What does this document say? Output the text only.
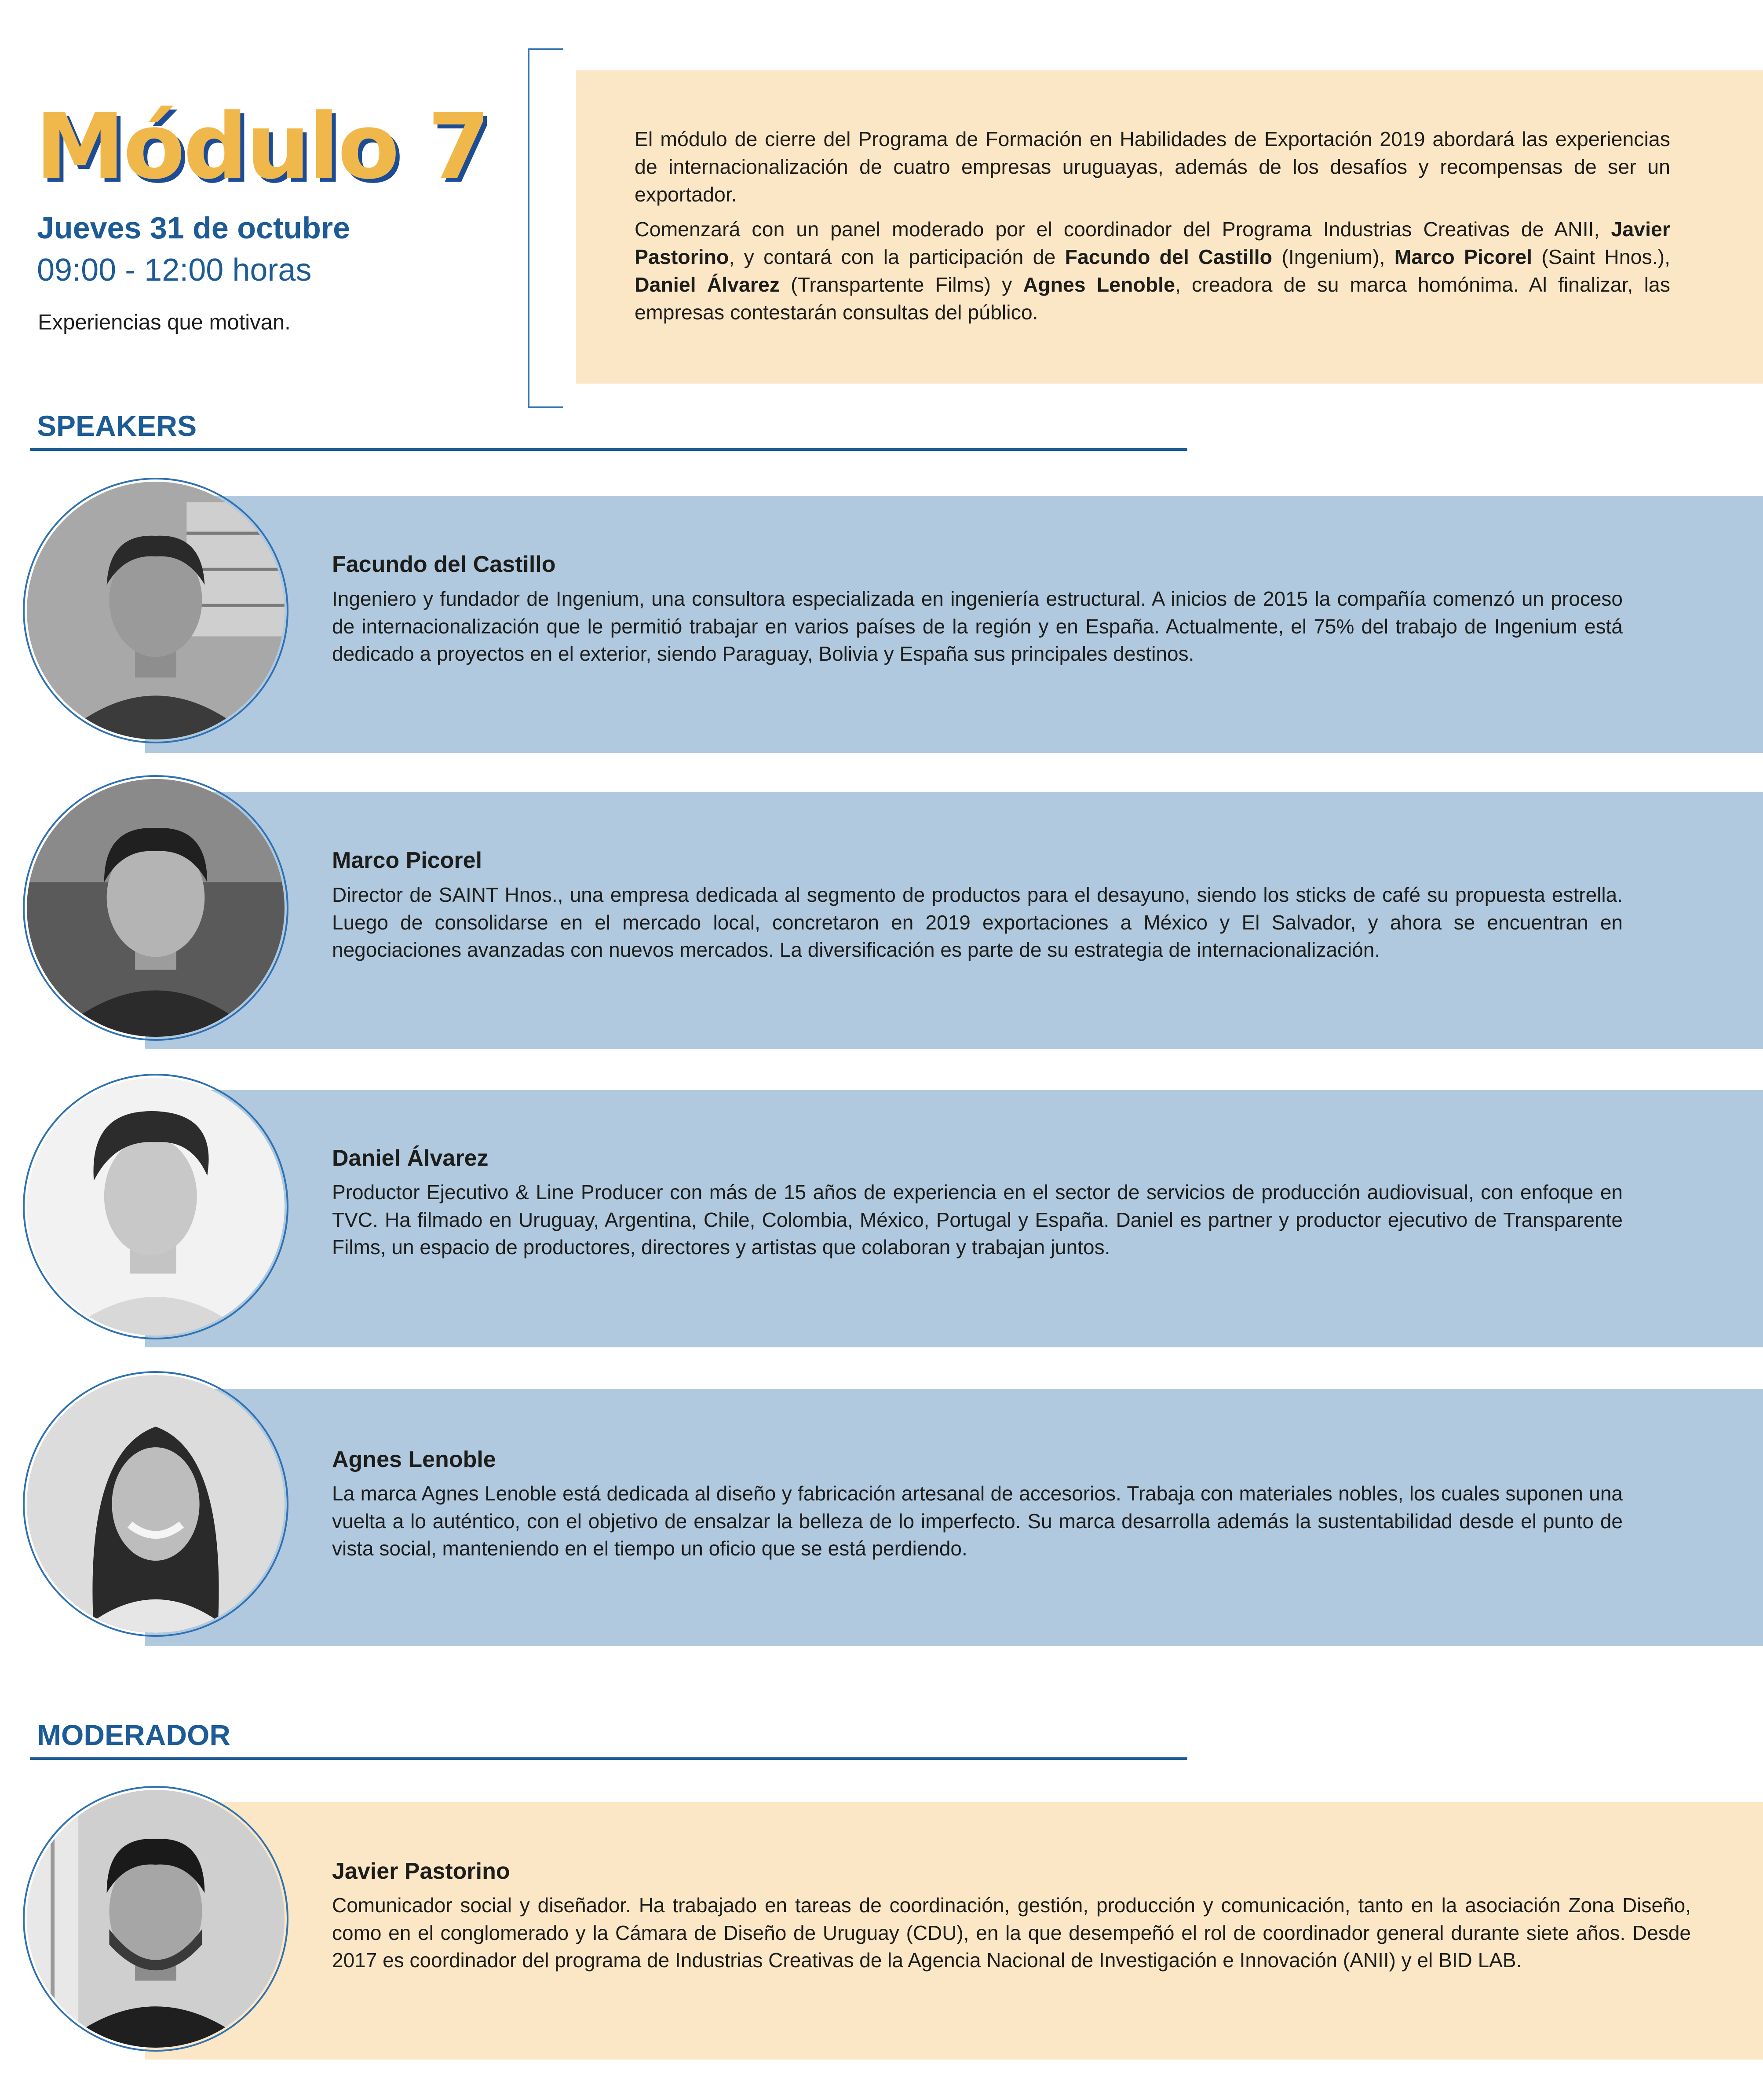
Módulo 7
Jueves 31 de octubre
09:00 - 12:00 horas
Experiencias que motivan.

El módulo de cierre del Programa de Formación en Habilidades de Exportación 2019 abordará las experiencias de internacionalización de cuatro empresas uruguayas, además de los desafíos y recompensas de ser un exportador.

Comenzará con un panel moderado por el coordinador del Programa Industrias Creativas de ANII, Javier Pastorino, y contará con la participación de Facundo del Castillo (Ingenium), Marco Picorel (Saint Hnos.), Daniel Álvarez (Transpartente Films) y Agnes Lenoble, creadora de su marca homónima. Al finalizar, las empresas contestarán consultas del público.

SPEAKERS
Facundo del Castillo

Ingeniero y fundador de Ingenium, una consultora especializada en ingeniería estructural. A inicios de 2015 la compañía comenzó un proceso de internacionalización que le permitió trabajar en varios países de la región y en España. Actualmente, el 75% del trabajo de Ingenium está dedicado a proyectos en el exterior, siendo Paraguay, Bolivia y España sus principales destinos.

Marco Picorel

Director de SAINT Hnos., una empresa dedicada al segmento de productos para el desayuno, siendo los sticks de café su propuesta estrella. Luego de consolidarse en el mercado local, concretaron en 2019 exportaciones a México y El Salvador, y ahora se encuentran en negociaciones avanzadas con nuevos mercados. La diversificación es parte de su estrategia de internacionalización.

Daniel Álvarez

Productor Ejecutivo & Line Producer con más de 15 años de experiencia en el sector de servicios de producción audiovisual, con enfoque en TVC. Ha filmado en Uruguay, Argentina, Chile, Colombia, México, Portugal y España. Daniel es partner y productor ejecutivo de Transparente Films, un espacio de productores, directores y artistas que colaboran y trabajan juntos.

Agnes Lenoble

La marca Agnes Lenoble está dedicada al diseño y fabricación artesanal de accesorios. Trabaja con materiales nobles, los cuales suponen una vuelta a lo auténtico, con el objetivo de ensalzar la belleza de lo imperfecto. Su marca desarrolla además la sustentabilidad desde el punto de vista social, manteniendo en el tiempo un oficio que se está perdiendo.

MODERADOR
Javier Pastorino

Comunicador social y diseñador. Ha trabajado en tareas de coordinación, gestión, producción y comunicación, tanto en la asociación Zona Diseño, como en el conglomerado y la Cámara de Diseño de Uruguay (CDU), en la que desempeñó el rol de coordinador general durante siete años. Desde 2017 es coordinador del programa de Industrias Creativas de la Agencia Nacional de Investigación e Innovación (ANII) y el BID LAB.
